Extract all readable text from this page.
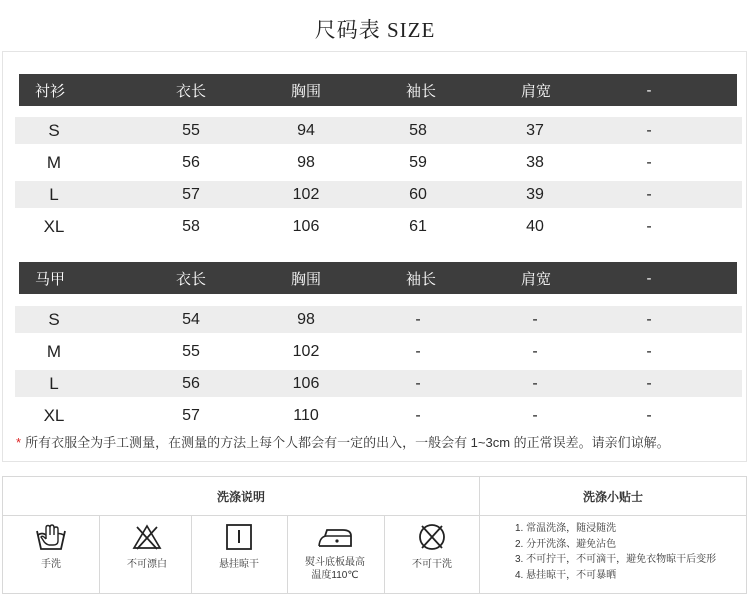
尺码表 SIZE
衬衫	衣长	胸围	袖长	肩宽	-
S	55	94	58	37	-
M	56	98	59	38	-
L	57	102	60	39	-
XL	58	106	61	40	-
马甲	衣长	胸围	袖长	肩宽	-
S	54	98	-	-	-
M	55	102	-	-	-
L	56	106	-	-	-
XL	57	110	-	-	-
* 所有衣服全为手工测量，在测量的方法上每个人都会有一定的出入，一般会有 1~3cm 的正常误差。请亲们谅解。
洗涤说明	洗涤小贴士
手洗	不可漂白	悬挂晾干	熨斗底板最高
温度110℃
不可干洗
1. 常温洗涤，随浸随洗
2. 分开洗涤、避免沾色
3. 不可拧干，不可滴干，避免衣物晾干后变形
4. 悬挂晾干，不可暴晒
